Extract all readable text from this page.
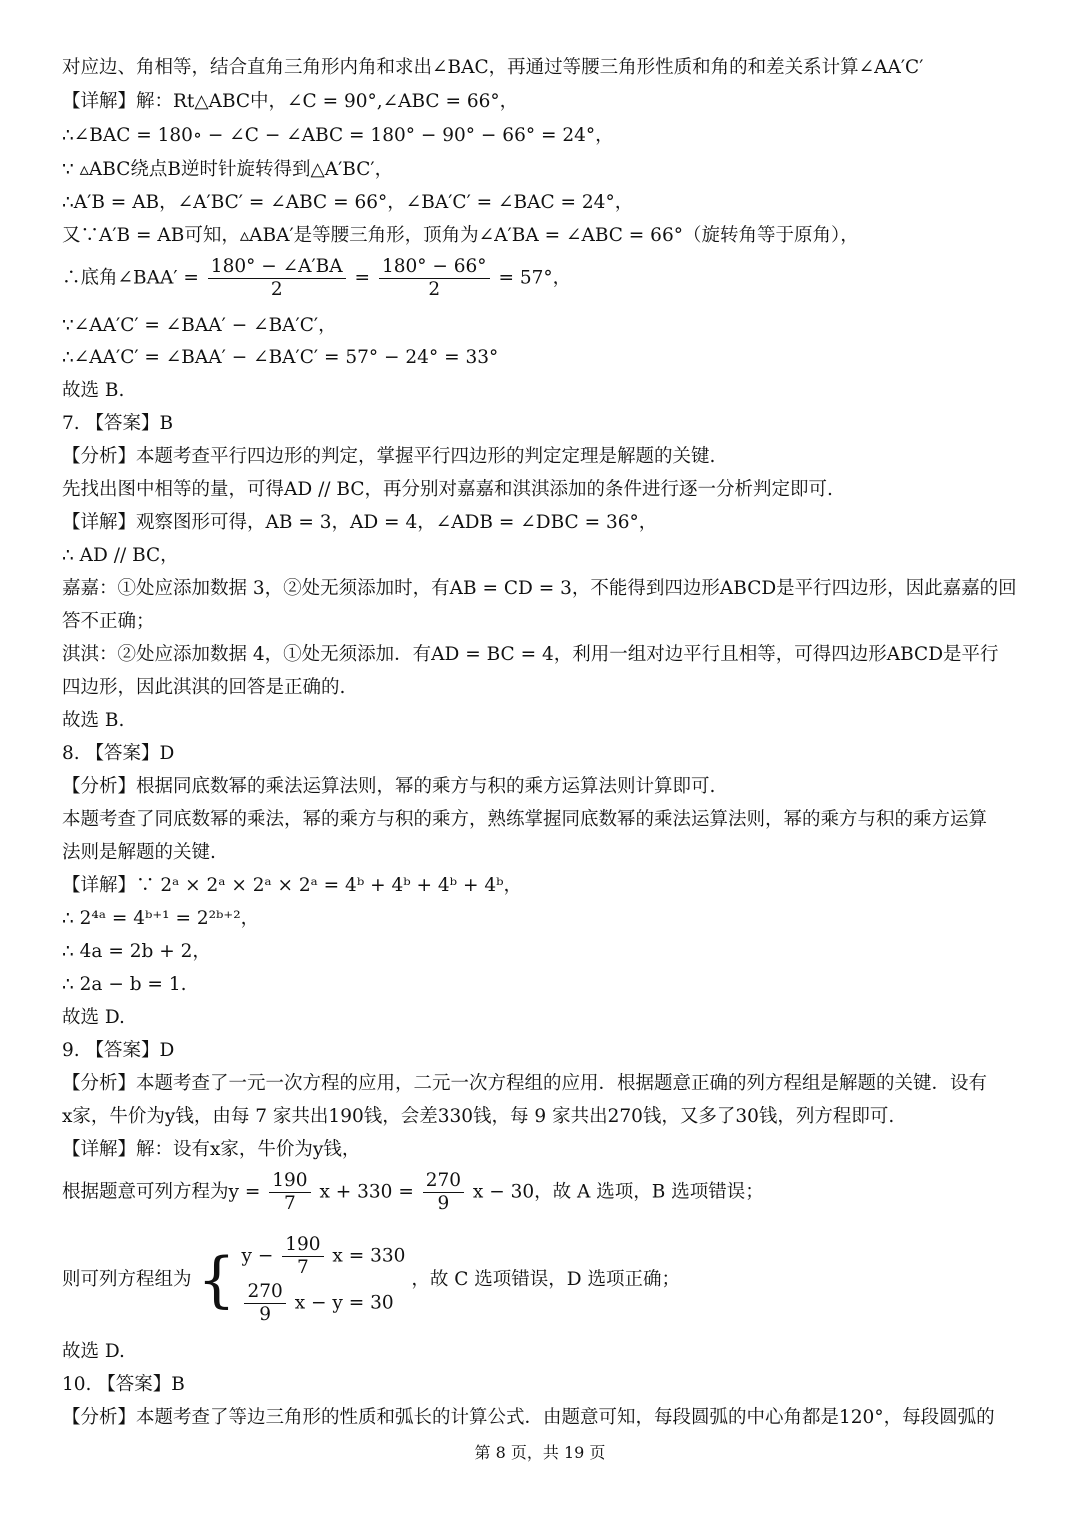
对应边、角相等，结合直角三角形内角和求出∠BAC，再通过等腰三角形性质和角的和差关系计算∠AA′C′
【详解】解：Rt△ABC中，∠C = 90°,∠ABC = 66°，
∴∠BAC = 180∘ − ∠C − ∠ABC = 180° − 90° − 66° = 24°，
∵ ▵ABC绕点B逆时针旋转得到△A′BC′，
∴A′B = AB，∠A′BC′ = ∠ABC = 66°，∠BA′C′ = ∠BAC = 24°，
又∵A′B = AB可知，▵ABA′是等腰三角形，顶角为∠A′BA = ∠ABC = 66°（旋转角等于原角），
∴底角∠BAA′ = $\frac{180^\circ - \angle A'BA}{2} = \frac{180^\circ - 66^\circ}{2} = 57^\circ$，
∵∠AA′C′ = ∠BAA′ − ∠BA′C′，
∴∠AA′C′ = ∠BAA′ − ∠BA′C′ = 57° − 24° = 33°
故选 B.
7. 【答案】B
【分析】本题考查平行四边形的判定，掌握平行四边形的判定定理是解题的关键.
先找出图中相等的量，可得AD // BC，再分别对嘉嘉和淇淇添加的条件进行逐一分析判定即可.
【详解】观察图形可得，AB = 3，AD = 4，∠ADB = ∠DBC = 36°，
∴ AD // BC，
嘉嘉：①处应添加数据 3，②处无须添加时，有AB = CD = 3，不能得到四边形ABCD是平行四边形，因此嘉嘉的回
答不正确；
淇淇：②处应添加数据 4，①处无须添加．有AD = BC = 4，利用一组对边平行且相等，可得四边形ABCD是平行
四边形，因此淇淇的回答是正确的.
故选 B.
8. 【答案】D
【分析】根据同底数幂的乘法运算法则，幂的乘方与积的乘方运算法则计算即可.
本题考查了同底数幂的乘法，幂的乘方与积的乘方，熟练掌握同底数幂的乘法运算法则，幂的乘方与积的乘方运算
法则是解题的关键.
【详解】∵ 2ᵃ × 2ᵃ × 2ᵃ × 2ᵃ = 4ᵇ + 4ᵇ + 4ᵇ + 4ᵇ，
∴ 2⁴ᵃ = 4ᵇ⁺¹ = 2²ᵇ⁺²，
∴ 4a = 2b + 2，
∴ 2a − b = 1.
故选 D.
9. 【答案】D
【分析】本题考查了一元一次方程的应用，二元一次方程组的应用．根据题意正确的列方程组是解题的关键．设有
x家，牛价为y钱，由每 7 家共出190钱，会差330钱，每 9 家共出270钱，又多了30钱，列方程即可.
【详解】解：设有x家，牛价为y钱，
根据题意可列方程为$y = \frac{190}{7}$ $x + 330 = \frac{270}{9}$ x − 30，故 A 选项，B 选项错误；
则可列方程组为 { $y - \frac{190}{7}$ x = 330
$\frac{270}{9}$ x − y = 30
，故 C 选项错误，D 选项正确；
故选 D.
10. 【答案】B
【分析】本题考查了等边三角形的性质和弧长的计算公式．由题意可知，每段圆弧的中心角都是120°，每段圆弧的
第 8 页，共 19 页
